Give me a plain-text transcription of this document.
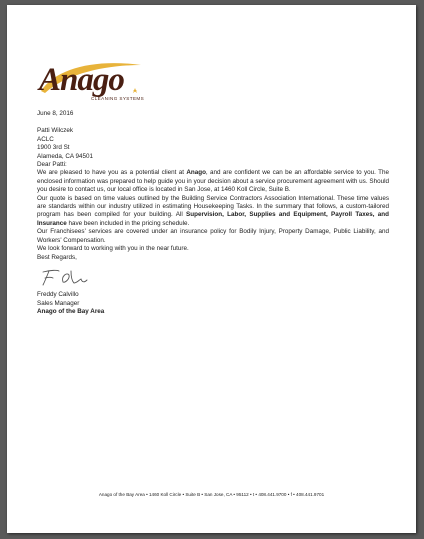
Anago
CLEANING SYSTEMS

June 8, 2016

Patti Wilczek

ACLC

1900 3rd St

Alameda, CA 94501

Dear Patti:

We are pleased to have you as a potential client at Anago, and are confident we can be an affordable service to you. The enclosed information was prepared to help guide you in your decision about a service procurement agreement with us. Should you desire to contact us, our local office is located in San Jose, at 1460 Koll Circle, Suite B.

Our quote is based on time values outlined by the Building Service Contractors Association International. These time values are standards within our industry utilized in estimating Housekeeping Tasks. In the summary that follows, a custom-tailored program has been compiled for your building. All Supervision, Labor, Supplies and Equipment, Payroll Taxes, and Insurance have been included in the pricing schedule.

Our Franchisees' services are covered under an insurance policy for Bodily Injury, Property Damage, Public Liability, and Workers' Compensation.

We look forward to working with you in the near future.

Best Regards,

Freddy Calvillo

Sales Manager

Anago of the Bay Area

Anago of the Bay Area • 1460 Koll Circle • Suite B • San Jose, CA • 95112 • t • 408.441.9700 • f • 408.441.9701
